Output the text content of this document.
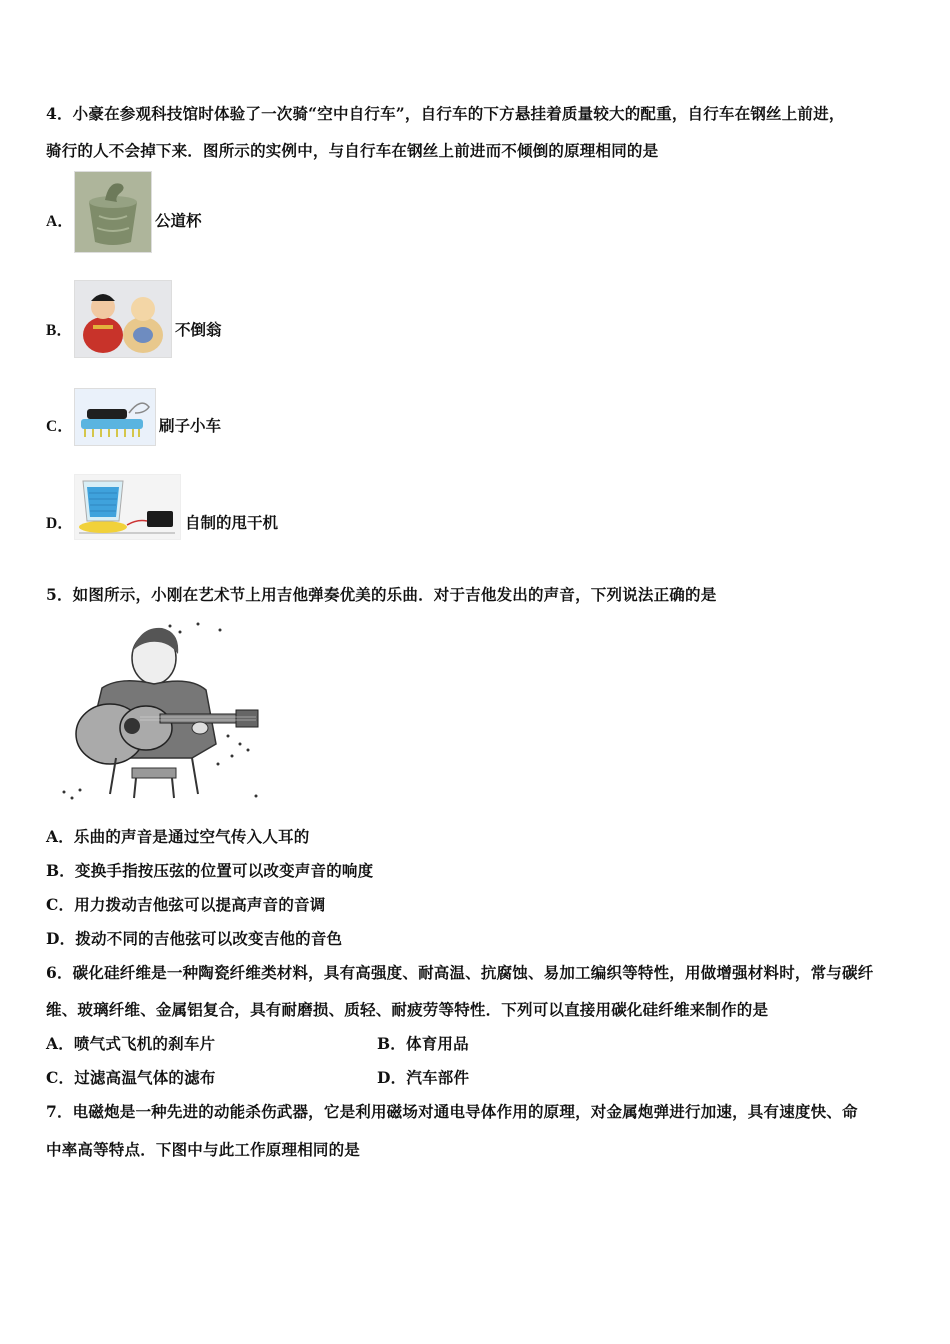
4．小豪在参观科技馆时体验了一次骑“空中自行车”，自行车的下方悬挂着质量较大的配重，自行车在钢丝上前进，
骑行的人不会掉下来．图所示的实例中，与自行车在钢丝上前进而不倾倒的原理相同的是
A．	公道杯
B．	不倒翁
C．	刷子小车
D．	自制的甩干机
5．如图所示，小刚在艺术节上用吉他弹奏优美的乐曲．对于吉他发出的声音，下列说法正确的是
A．乐曲的声音是通过空气传入人耳的
B．变换手指按压弦的位置可以改变声音的响度
C．用力拨动吉他弦可以提高声音的音调
D．拨动不同的吉他弦可以改变吉他的音色
6．碳化硅纤维是一种陶瓷纤维类材料，具有高强度、耐高温、抗腐蚀、易加工编织等特性，用做增强材料时，常与碳纤
维、玻璃纤维、金属铝复合，具有耐磨损、质轻、耐疲劳等特性．下列可以直接用碳化硅纤维来制作的是
A．喷气式飞机的刹车片	B．体育用品
C．过滤高温气体的滤布	D．汽车部件
7．电磁炮是一种先进的动能杀伤武器，它是利用磁场对通电导体作用的原理，对金属炮弹进行加速，具有速度快、命
中率高等特点．下图中与此工作原理相同的是
